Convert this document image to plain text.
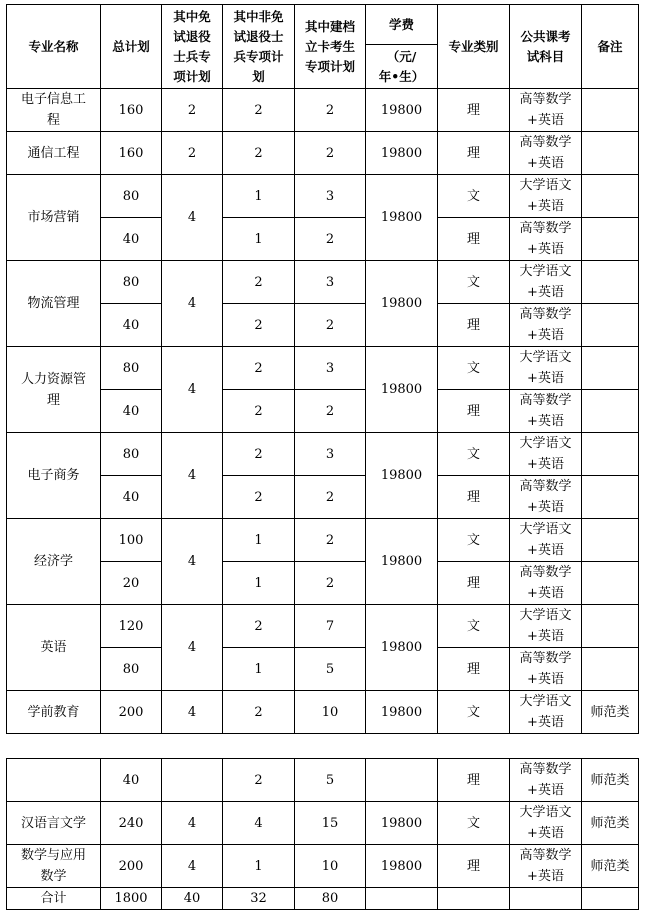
专业名称	总计划	其中免
试退役
士兵专
项计划	其中非免
试退役士
兵专项计
划	其中建档
立卡考生
专项计划	学费	专业类别	公共课考
试科目	备注

					（元/
年•生）			

电子信息工
程	160	2	2	2	19800	理	高等数学
+英语	

通信工程	160	2	2	2	19800	理	高等数学
+英语	

市场营销	80	4	1	3	19800	文	大学语文
+英语	

	40		1	2		理	高等数学
+英语	

物流管理	80	4	2	3	19800	文	大学语文
+英语	

	40		2	2		理	高等数学
+英语	

人力资源管
理	80	4	2	3	19800	文	大学语文
+英语	

	40		2	2		理	高等数学
+英语	

电子商务	80	4	2	3	19800	文	大学语文
+英语	

	40		2	2		理	高等数学
+英语	

经济学	100	4	1	2	19800	文	大学语文
+英语	

	20		1	2		理	高等数学
+英语	

英语	120	4	2	7	19800	文	大学语文
+英语	

	80		1	5		理	高等数学
+英语	

学前教育	200	4	2	10	19800	文	大学语文
+英语	师范类
	40		2	5		理	高等数学
+英语	师范类

汉语言文学	240	4	4	15	19800	文	大学语文
+英语	师范类

数学与应用
数学	200	4	1	10	19800	理	高等数学
+英语	师范类
合计	1800	40	32	80				
